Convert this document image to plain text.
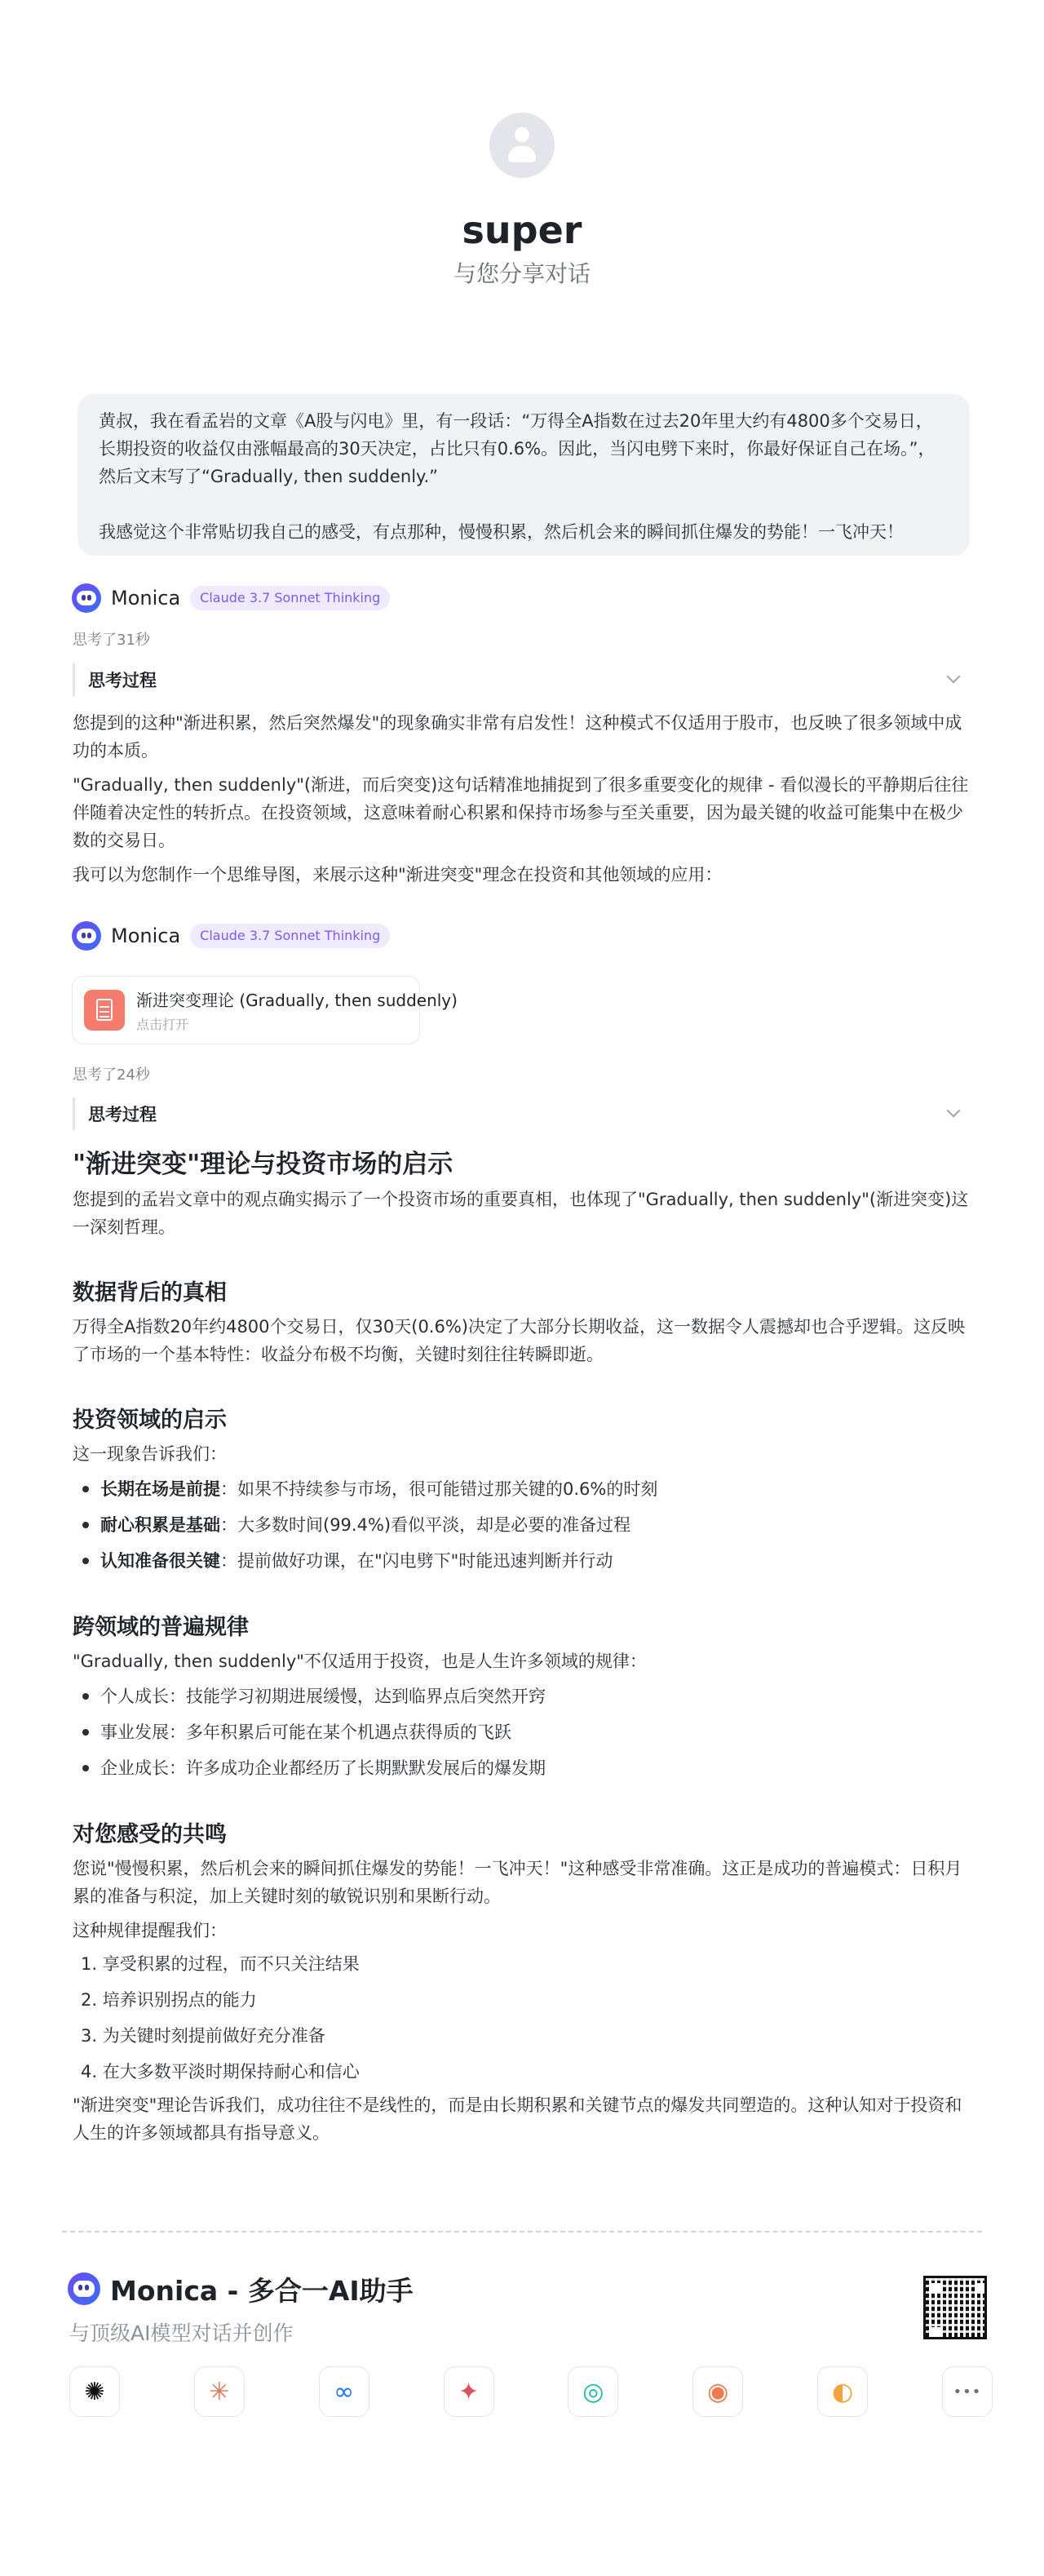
super
与您分享对话

黄叔，我在看孟岩的文章《A股与闪电》里，有一段话：“万得全A指数在过去20年里大约有4800多个交易日，长期投资的收益仅由涨幅最高的30天决定，占比只有0.6%。因此，当闪电劈下来时，你最好保证自己在场。”，然后文末写了“Gradually, then suddenly.”

我感觉这个非常贴切我自己的感受，有点那种，慢慢积累，然后机会来的瞬间抓住爆发的势能！一飞冲天！

Monica	Claude 3.7 Sonnet Thinking
思考了31秒
思考过程

您提到的这种"渐进积累，然后突然爆发"的现象确实非常有启发性！这种模式不仅适用于股市，也反映了很多领域中成功的本质。

"Gradually, then suddenly"(渐进，而后突变)这句话精准地捕捉到了很多重要变化的规律 - 看似漫长的平静期后往往伴随着决定性的转折点。在投资领域，这意味着耐心积累和保持市场参与至关重要，因为最关键的收益可能集中在极少数的交易日。

我可以为您制作一个思维导图，来展示这种"渐进突变"理念在投资和其他领域的应用：

Monica	Claude 3.7 Sonnet Thinking
渐进突变理论 (Gradually, then suddenly)
点击打开
思考了24秒
思考过程
"渐进突变"理论与投资市场的启示

您提到的孟岩文章中的观点确实揭示了一个投资市场的重要真相，也体现了"Gradually, then suddenly"(渐进突变)这一深刻哲理。

数据背后的真相

万得全A指数20年约4800个交易日，仅30天(0.6%)决定了大部分长期收益，这一数据令人震撼却也合乎逻辑。这反映了市场的一个基本特性：收益分布极不均衡，关键时刻往往转瞬即逝。

投资领域的启示

这一现象告诉我们：

长期在场是前提：如果不持续参与市场，很可能错过那关键的0.6%的时刻
耐心积累是基础：大多数时间(99.4%)看似平淡，却是必要的准备过程
认知准备很关键：提前做好功课，在"闪电劈下"时能迅速判断并行动
跨领域的普遍规律

"Gradually, then suddenly"不仅适用于投资，也是人生许多领域的规律：

个人成长：技能学习初期进展缓慢，达到临界点后突然开窍
事业发展：多年积累后可能在某个机遇点获得质的飞跃
企业成长：许多成功企业都经历了长期默默发展后的爆发期
对您感受的共鸣

您说"慢慢积累，然后机会来的瞬间抓住爆发的势能！一飞冲天！"这种感受非常准确。这正是成功的普遍模式：日积月累的准备与积淀，加上关键时刻的敏锐识别和果断行动。

这种规律提醒我们：

1. 享受积累的过程，而不只关注结果
2. 培养识别拐点的能力
3. 为关键时刻提前做好充分准备
4. 在大多数平淡时期保持耐心和信心

"渐进突变"理论告诉我们，成功往往不是线性的，而是由长期积累和关键节点的爆发共同塑造的。这种认知对于投资和人生的许多领域都具有指导意义。

Monica - 多合一AI助手
与顶级AI模型对话并创作
✺	✳	∞	✦	◎	◉	◐	•••
